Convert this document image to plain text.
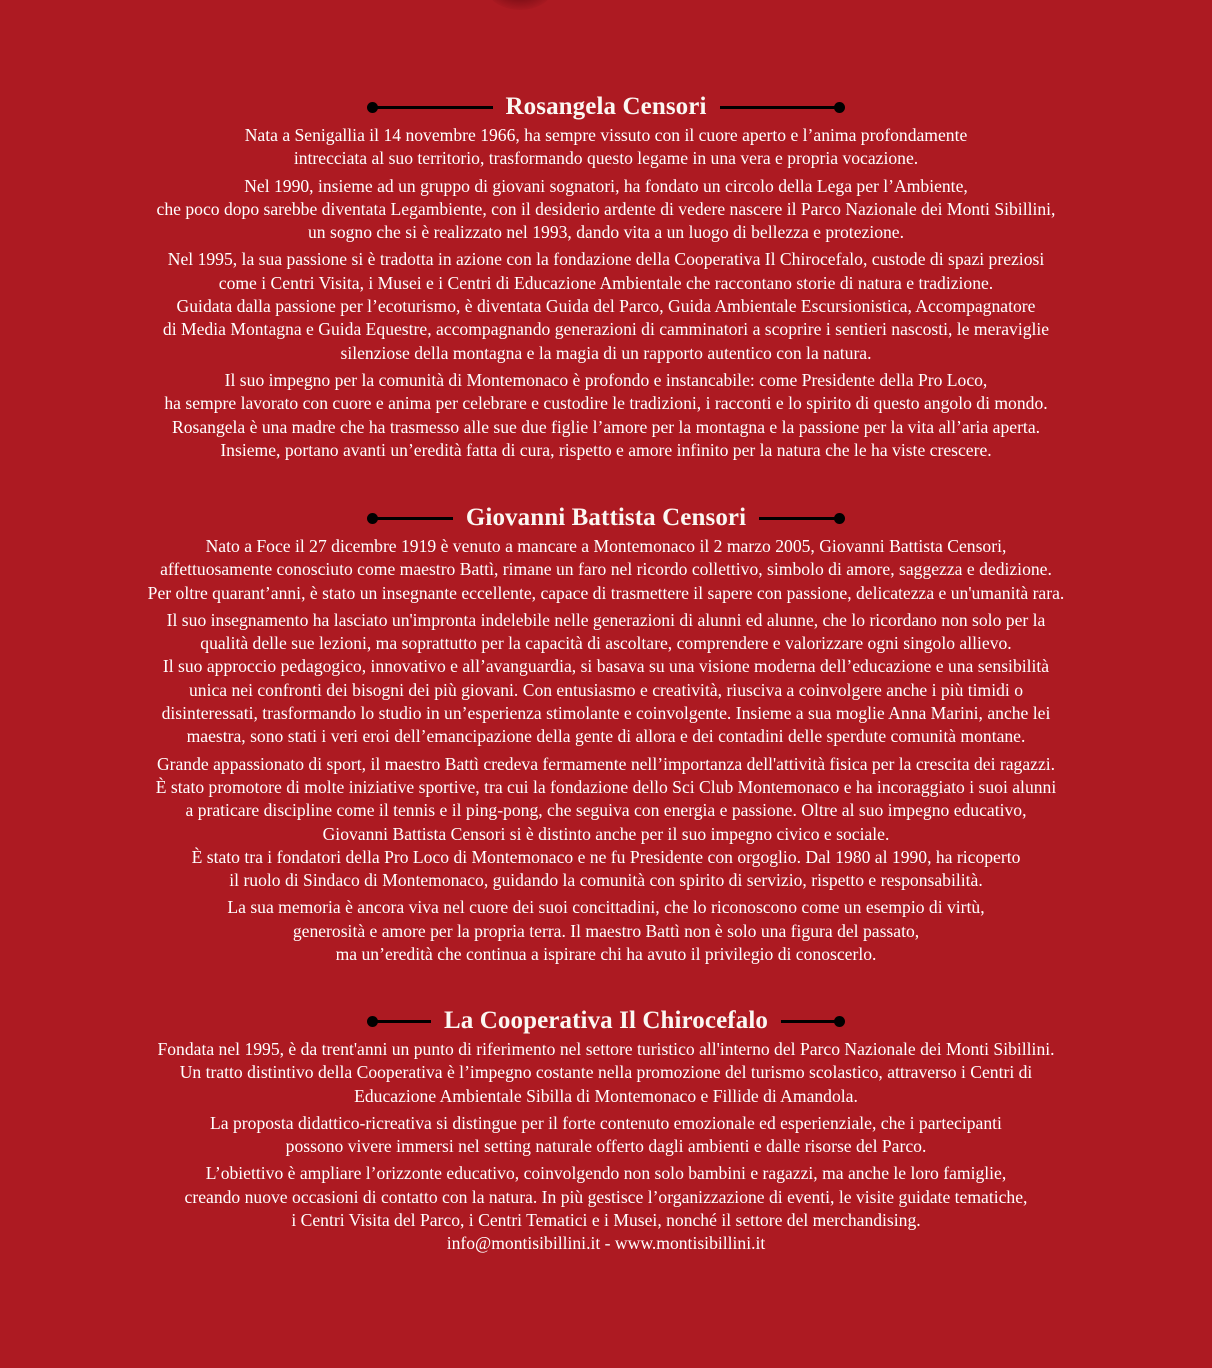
Rosangela Censori

Nata a Senigallia il 14 novembre 1966, ha sempre vissuto con il cuore aperto e l’anima profondamente
intrecciata al suo territorio, trasformando questo legame in una vera e propria vocazione.

Nel 1990, insieme ad un gruppo di giovani sognatori, ha fondato un circolo della Lega per l’Ambiente,
che poco dopo sarebbe diventata Legambiente, con il desiderio ardente di vedere nascere il Parco Nazionale dei Monti Sibillini,
un sogno che si è realizzato nel 1993, dando vita a un luogo di bellezza e protezione.

Nel 1995, la sua passione si è tradotta in azione con la fondazione della Cooperativa Il Chirocefalo, custode di spazi preziosi
come i Centri Visita, i Musei e i Centri di Educazione Ambientale che raccontano storie di natura e tradizione.

Guidata dalla passione per l’ecoturismo, è diventata Guida del Parco, Guida Ambientale Escursionistica, Accompagnatore
di Media Montagna e Guida Equestre, accompagnando generazioni di camminatori a scoprire i sentieri nascosti, le meraviglie
silenziose della montagna e la magia di un rapporto autentico con la natura.

Il suo impegno per la comunità di Montemonaco è profondo e instancabile: come Presidente della Pro Loco,
ha sempre lavorato con cuore e anima per celebrare e custodire le tradizioni, i racconti e lo spirito di questo angolo di mondo.
Rosangela è una madre che ha trasmesso alle sue due figlie l’amore per la montagna e la passione per la vita all’aria aperta.
Insieme, portano avanti un’eredità fatta di cura, rispetto e amore infinito per la natura che le ha viste crescere.

Giovanni Battista Censori

Nato a Foce il 27 dicembre 1919 è venuto a mancare a Montemonaco il 2 marzo 2005, Giovanni Battista Censori,
affettuosamente conosciuto come maestro Battì, rimane un faro nel ricordo collettivo, simbolo di amore, saggezza e dedizione.
Per oltre quarant’anni, è stato un insegnante eccellente, capace di trasmettere il sapere con passione, delicatezza e un'umanità rara.

Il suo insegnamento ha lasciato un'impronta indelebile nelle generazioni di alunni ed alunne, che lo ricordano non solo per la
qualità delle sue lezioni, ma soprattutto per la capacità di ascoltare, comprendere e valorizzare ogni singolo allievo.

Il suo approccio pedagogico, innovativo e all’avanguardia, si basava su una visione moderna dell’educazione e una sensibilità
unica nei confronti dei bisogni dei più giovani. Con entusiasmo e creatività, riusciva a coinvolgere anche i più timidi o
disinteressati, trasformando lo studio in un’esperienza stimolante e coinvolgente. Insieme a sua moglie Anna Marini, anche lei
maestra, sono stati i veri eroi dell’emancipazione della gente di allora e dei contadini delle sperdute comunità montane.

Grande appassionato di sport, il maestro Battì credeva fermamente nell’importanza dell'attività fisica per la crescita dei ragazzi.
È stato promotore di molte iniziative sportive, tra cui la fondazione dello Sci Club Montemonaco e ha incoraggiato i suoi alunni
a praticare discipline come il tennis e il ping-pong, che seguiva con energia e passione. Oltre al suo impegno educativo,
Giovanni Battista Censori si è distinto anche per il suo impegno civico e sociale.

È stato tra i fondatori della Pro Loco di Montemonaco e ne fu Presidente con orgoglio. Dal 1980 al 1990, ha ricoperto
il ruolo di Sindaco di Montemonaco, guidando la comunità con spirito di servizio, rispetto e responsabilità.

La sua memoria è ancora viva nel cuore dei suoi concittadini, che lo riconoscono come un esempio di virtù,
generosità e amore per la propria terra. Il maestro Battì non è solo una figura del passato,
ma un’eredità che continua a ispirare chi ha avuto il privilegio di conoscerlo.

La Cooperativa Il Chirocefalo

Fondata nel 1995, è da trent'anni un punto di riferimento nel settore turistico all'interno del Parco Nazionale dei Monti Sibillini.
Un tratto distintivo della Cooperativa è l’impegno costante nella promozione del turismo scolastico, attraverso i Centri di
Educazione Ambientale Sibilla di Montemonaco e Fillide di Amandola.

La proposta didattico-ricreativa si distingue per il forte contenuto emozionale ed esperienziale, che i partecipanti
possono vivere immersi nel setting naturale offerto dagli ambienti e dalle risorse del Parco.

L’obiettivo è ampliare l’orizzonte educativo, coinvolgendo non solo bambini e ragazzi, ma anche le loro famiglie,
creando nuove occasioni di contatto con la natura. In più gestisce l’organizzazione di eventi, le visite guidate tematiche,
i Centri Visita del Parco, i Centri Tematici e i Musei, nonché il settore del merchandising.

info@montisibillini.it - www.montisibillini.it
